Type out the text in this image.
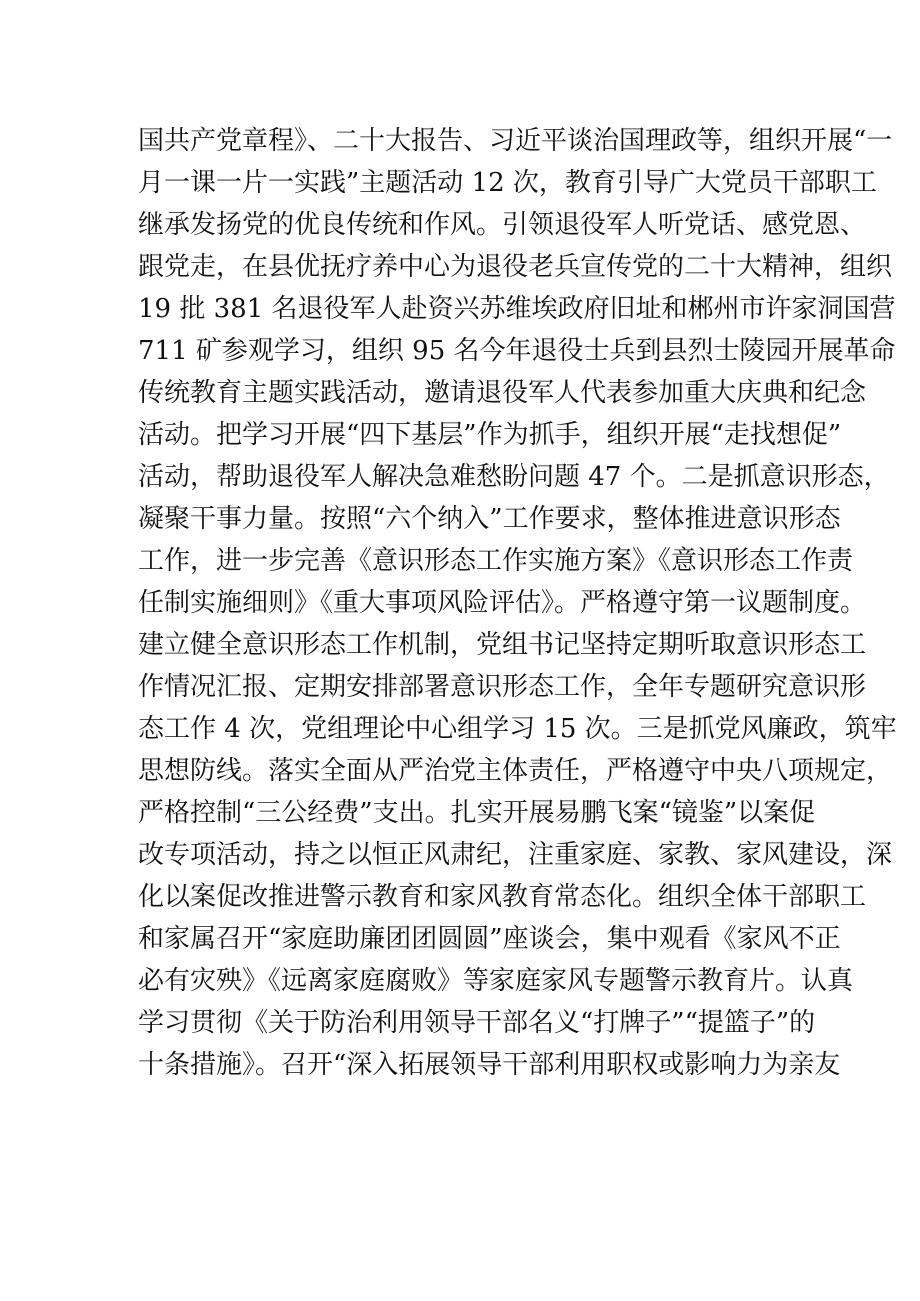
国共产党章程》、二十大报告、习近平谈治国理政等，组织开展“一
月一课一片一实践”主题活动 12 次，教育引导广大党员干部职工
继承发扬党的优良传统和作风。引领退役军人听党话、感党恩、
跟党走，在县优抚疗养中心为退役老兵宣传党的二十大精神，组织
19 批 381 名退役军人赴资兴苏维埃政府旧址和郴州市许家洞国营
711 矿参观学习，组织 95 名今年退役士兵到县烈士陵园开展革命
传统教育主题实践活动，邀请退役军人代表参加重大庆典和纪念
活动。把学习开展“四下基层”作为抓手，组织开展“走找想促”
活动，帮助退役军人解决急难愁盼问题 47 个。二是抓意识形态，
凝聚干事力量。按照“六个纳入”工作要求，整体推进意识形态
工作，进一步完善《意识形态工作实施方案》《意识形态工作责
任制实施细则》《重大事项风险评估》。严格遵守第一议题制度。
建立健全意识形态工作机制，党组书记坚持定期听取意识形态工
作情况汇报、定期安排部署意识形态工作，全年专题研究意识形
态工作 4 次，党组理论中心组学习 15 次。三是抓党风廉政，筑牢
思想防线。落实全面从严治党主体责任，严格遵守中央八项规定，
严格控制“三公经费”支出。扎实开展易鹏飞案“镜鉴”以案促
改专项活动，持之以恒正风肃纪，注重家庭、家教、家风建设，深
化以案促改推进警示教育和家风教育常态化。组织全体干部职工
和家属召开“家庭助廉团团圆圆”座谈会，集中观看《家风不正
必有灾殃》《远离家庭腐败》等家庭家风专题警示教育片。认真
学习贯彻《关于防治利用领导干部名义“打牌子”“提篮子”的
十条措施》。召开“深入拓展领导干部利用职权或影响力为亲友
